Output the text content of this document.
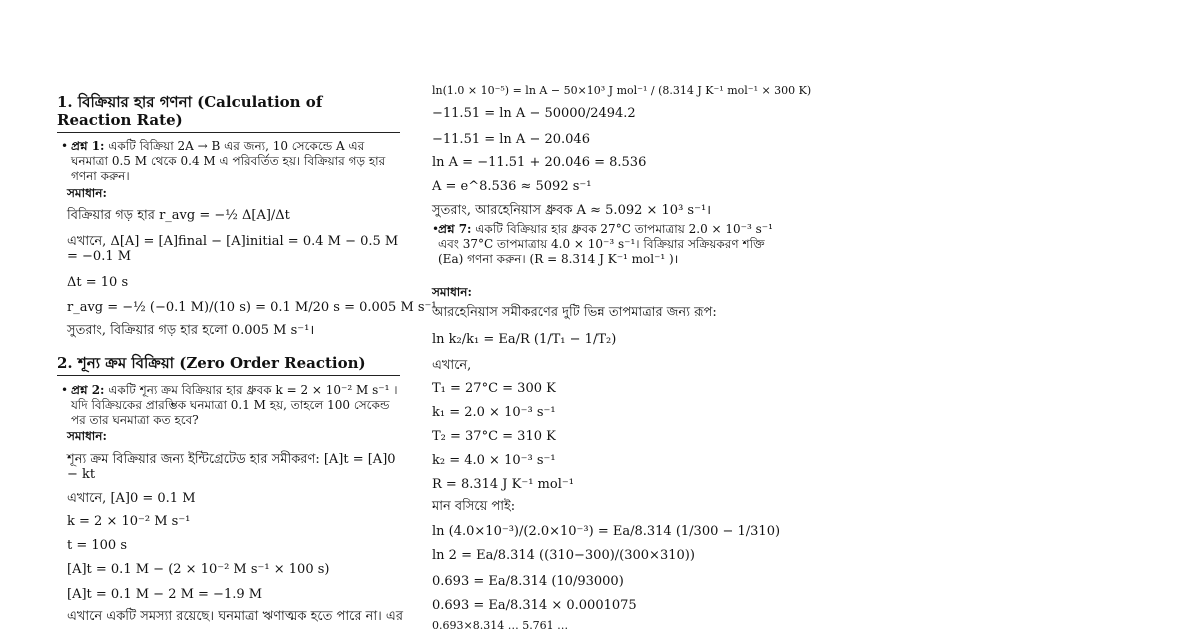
1. বিক্রিয়ার হার গণনা (Calculation of Reaction Rate)
• প্রশ্ন 1: একটি বিক্রিয়া 2A → B এর জন্য, 10 সেকেন্ডে A এর ঘনমাত্রা 0.5 M থেকে 0.4 M এ পরিবর্তিত হয়। বিক্রিয়ার গড় হার গণনা করুন।
সমাধান:
বিক্রিয়ার গড় হার r_avg = −½ Δ[A]/Δt
এখানে, Δ[A] = [A]final − [A]initial = 0.4 M − 0.5 M = −0.1 M
Δt = 10 s
r_avg = −½ (−0.1 M)/(10 s) = 0.1 M/20 s = 0.005 M s⁻¹
সুতরাং, বিক্রিয়ার গড় হার হলো 0.005 M s⁻¹।
2. শূন্য ক্রম বিক্রিয়া (Zero Order Reaction)
• প্রশ্ন 2: একটি শূন্য ক্রম বিক্রিয়ার হার ধ্রুবক k = 2 × 10⁻² M s⁻¹ । যদি বিক্রিয়কের প্রারম্ভিক ঘনমাত্রা 0.1 M হয়, তাহলে 100 সেকেন্ড পর তার ঘনমাত্রা কত হবে?
সমাধান:
শূন্য ক্রম বিক্রিয়ার জন্য ইন্টিগ্রেটেড হার সমীকরণ: [A]t = [A]0 − kt
এখানে, [A]0 = 0.1 M
k = 2 × 10⁻² M s⁻¹
t = 100 s
[A]t = 0.1 M − (2 × 10⁻² M s⁻¹ × 100 s)
[A]t = 0.1 M − 2 M = −1.9 M
এখানে একটি সমস্যা রয়েছে। ঘনমাত্রা ঋণাত্মক হতে পারে না। এর
ln(1.0 × 10⁻⁵) = ln A − 50×10³ J mol⁻¹ / (8.314 J K⁻¹ mol⁻¹ × 300 K)
−11.51 = ln A − 50000/2494.2
−11.51 = ln A − 20.046
ln A = −11.51 + 20.046 = 8.536
A = e^8.536 ≈ 5092 s⁻¹
সুতরাং, আরহেনিয়াস ধ্রুবক A ≈ 5.092 × 10³ s⁻¹।
•
প্রশ্ন 7: একটি বিক্রিয়ার হার ধ্রুবক 27°C তাপমাত্রায় 2.0 × 10⁻³ s⁻¹ এবং 37°C তাপমাত্রায় 4.0 × 10⁻³ s⁻¹। বিক্রিয়ার সক্রিয়করণ শক্তি (Ea) গণনা করুন। (R = 8.314 J K⁻¹ mol⁻¹ )।
সমাধান:
আরহেনিয়াস সমীকরণের দুটি ভিন্ন তাপমাত্রার জন্য রূপ:
ln k₂/k₁ = Ea/R (1/T₁ − 1/T₂)
এখানে,
T₁ = 27°C = 300 K
k₁ = 2.0 × 10⁻³ s⁻¹
T₂ = 37°C = 310 K
k₂ = 4.0 × 10⁻³ s⁻¹
R = 8.314 J K⁻¹ mol⁻¹
মান বসিয়ে পাই:
ln (4.0×10⁻³)/(2.0×10⁻³) = Ea/8.314 (1/300 − 1/310)
ln 2 = Ea/8.314 ((310−300)/(300×310))
0.693 = Ea/8.314 (10/93000)
0.693 = Ea/8.314 × 0.0001075
0.693×8.314 … 5.761 …
